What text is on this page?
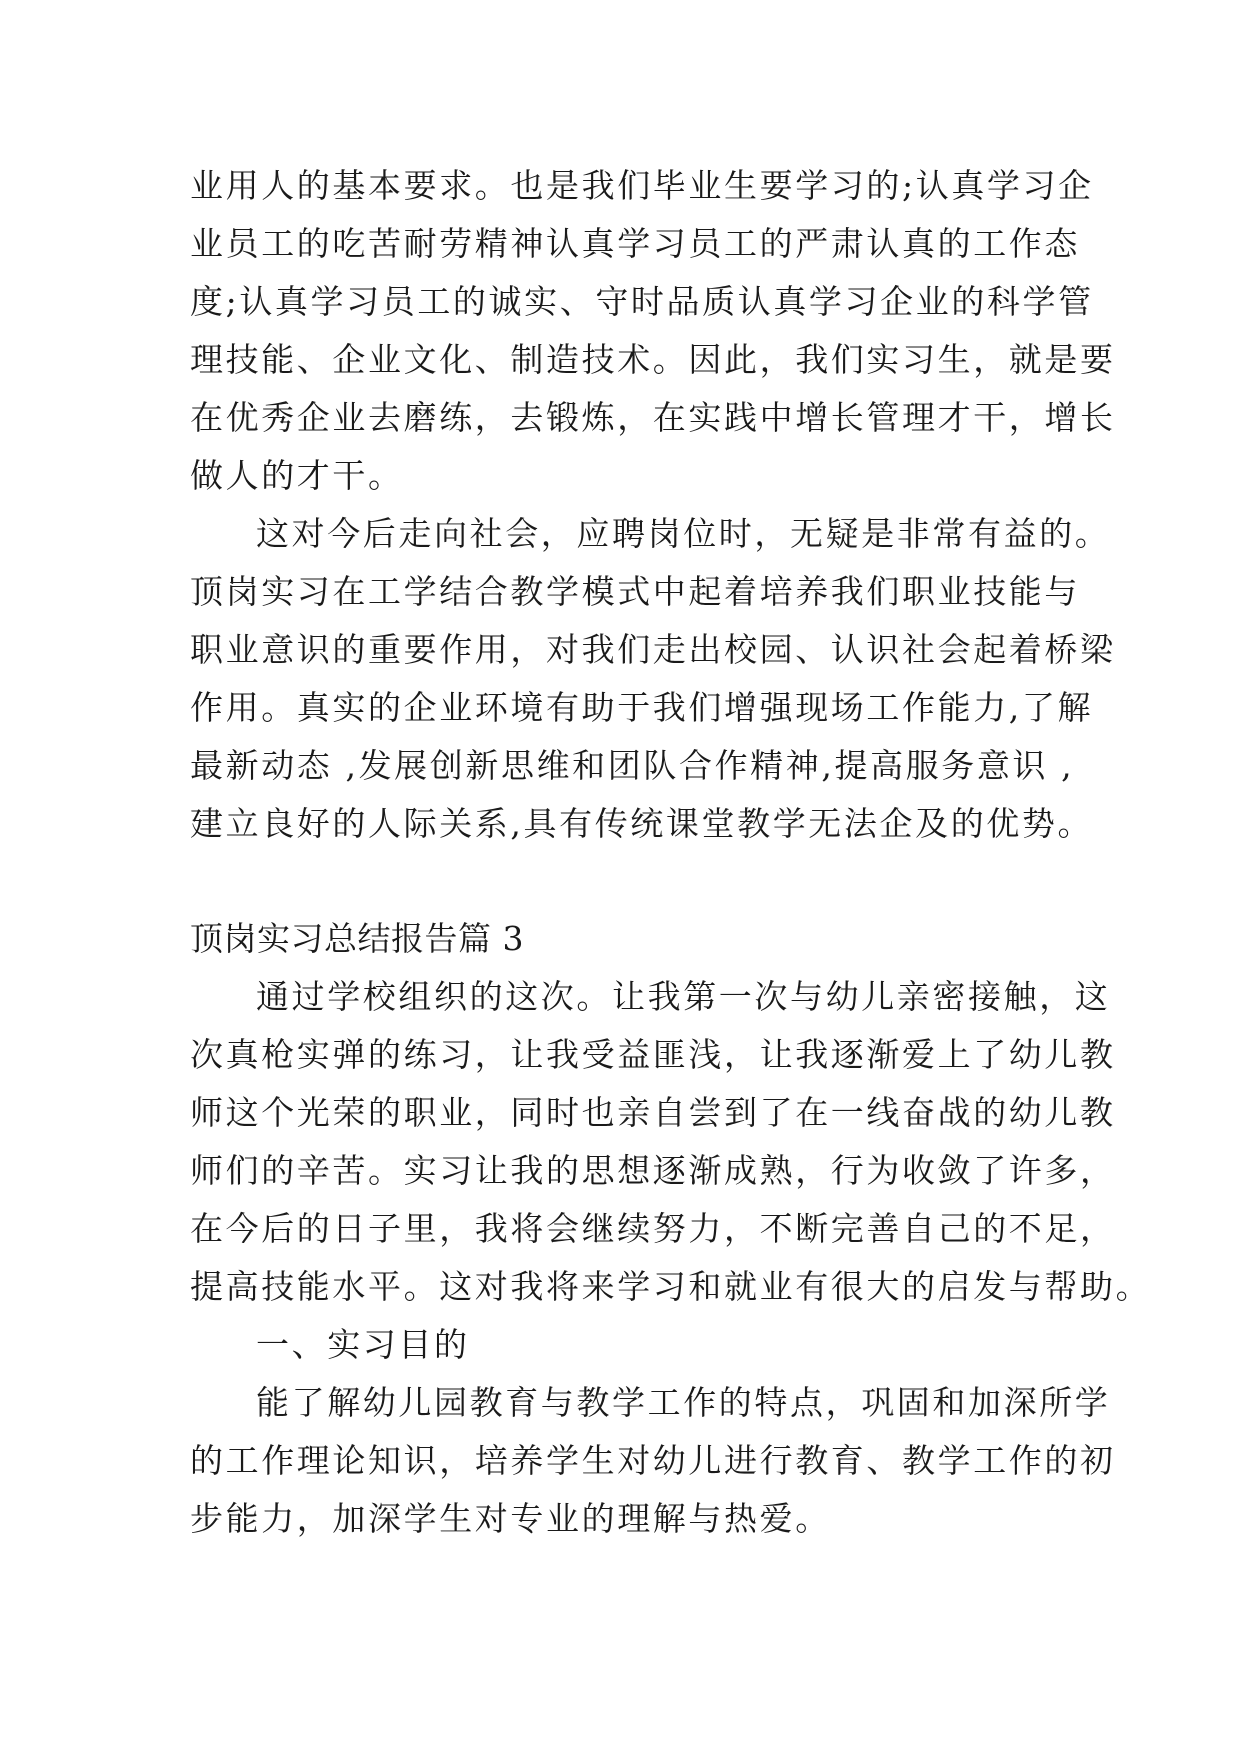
业用人的基本要求。也是我们毕业生要学习的;认真学习企
业员工的吃苦耐劳精神认真学习员工的严肃认真的工作态
度;认真学习员工的诚实、守时品质认真学习企业的科学管
理技能、企业文化、制造技术。因此，我们实习生，就是要
在优秀企业去磨练，去锻炼，在实践中增长管理才干，增长
做人的才干。
这对今后走向社会，应聘岗位时，无疑是非常有益的。
顶岗实习在工学结合教学模式中起着培养我们职业技能与
职业意识的重要作用，对我们走出校园、认识社会起着桥梁
作用。真实的企业环境有助于我们增强现场工作能力,了解
最新动态 ,发展创新思维和团队合作精神,提高服务意识 ,
建立良好的人际关系,具有传统课堂教学无法企及的优势。
顶岗实习总结报告篇 3
通过学校组织的这次。让我第一次与幼儿亲密接触，这
次真枪实弹的练习，让我受益匪浅，让我逐渐爱上了幼儿教
师这个光荣的职业，同时也亲自尝到了在一线奋战的幼儿教
师们的辛苦。实习让我的思想逐渐成熟，行为收敛了许多，
在今后的日子里，我将会继续努力，不断完善自己的不足，
提高技能水平。这对我将来学习和就业有很大的启发与帮助。
一、实习目的
能了解幼儿园教育与教学工作的特点，巩固和加深所学
的工作理论知识，培养学生对幼儿进行教育、教学工作的初
步能力，加深学生对专业的理解与热爱。
